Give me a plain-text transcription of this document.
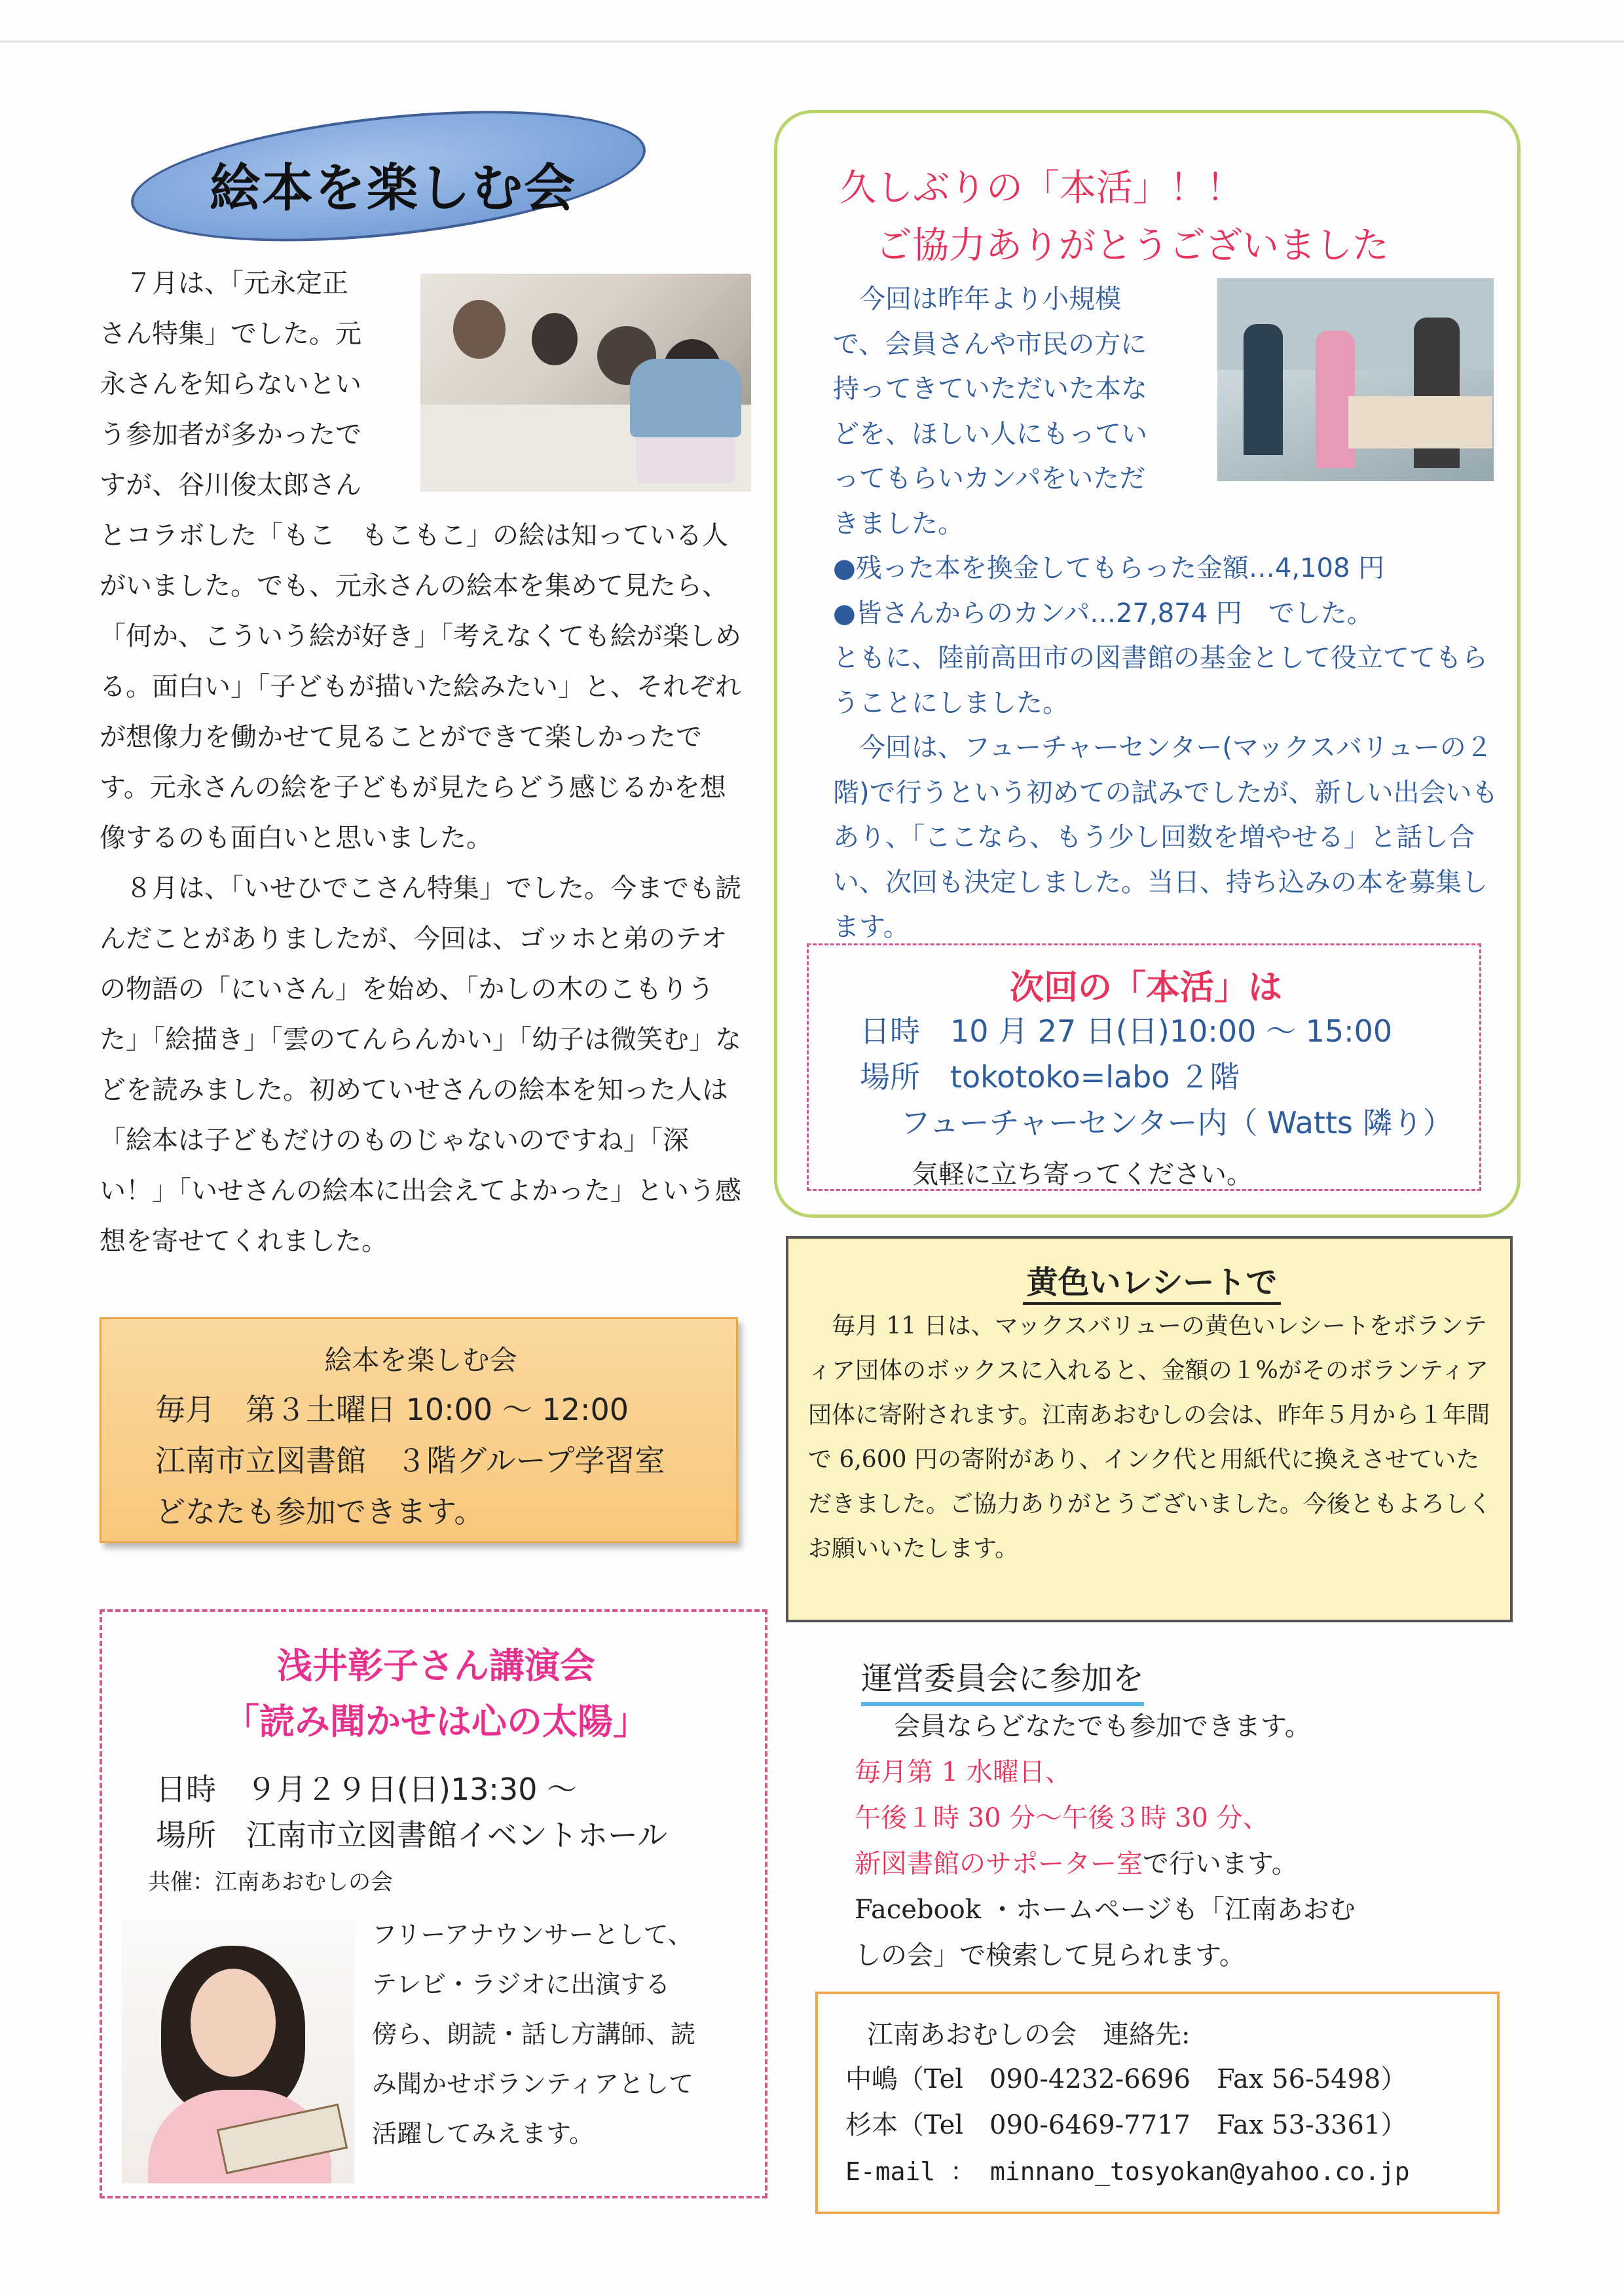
絵本を楽しむ会

７月は、「元永定正

さん特集」でした。元
永さんを知らないとい
う参加者が多かったで
すが、谷川俊太郎さん
とコラボした「もこ　もこもこ」の絵は知っている人がいました。でも、元永さんの絵本を集めて見たら、「何か、こういう絵が好き」「考えなくても絵が楽しめる。面白い」「子どもが描いた絵みたい」と、それぞれが想像力を働かせて見ることができて楽しかったです。元永さんの絵を子どもが見たらどう感じるかを想像するのも面白いと思いました。

８月は、「いせひでこさん特集」でした。今までも読んだことがありましたが、今回は、ゴッホと弟のテオの物語の「にいさん」を始め、「かしの木のこもりうた」「絵描き」「雲のてんらんかい」「幼子は微笑む」などを読みました。初めていせさんの絵本を知った人は「絵本は子どもだけのものじゃないのですね」「深い！」「いせさんの絵本に出会えてよかった」という感想を寄せてくれました。

絵本を楽しむ会
毎月　第３土曜日 10:00 〜 12:00
江南市立図書館　３階グループ学習室
どなたも参加できます。
浅井彰子さん講演会
「読み聞かせは心の太陽」
日時　９月２９日(日)13:30 〜
場所　江南市立図書館イベントホール
共催：江南あおむしの会
フリーアナウンサーとして、
テレビ・ラジオに出演する
傍ら、朗読・話し方講師、読
み聞かせボランティアとして
活躍してみえます。
久しぶりの「本活」！！
ご協力ありがとうございました

今回は昨年より小規模

で、会員さんや市民の方に
持ってきていただいた本な
どを、ほしい人にもってい
ってもらいカンパをいただ
きました。
●残った本を換金してもらった金額…4,108 円
●皆さんからのカンパ…27,874 円　でした。
ともに、陸前高田市の図書館の基金として役立ててもらうことにしました。

今回は、フューチャーセンター(マックスバリューの２階)で行うという初めての試みでしたが、新しい出会いもあり、「ここなら、もう少し回数を増やせる」と話し合い、次回も決定しました。当日、持ち込みの本を募集します。

次回の「本活」は
日時　10 月 27 日(日)10:00 〜 15:00
場所　tokotoko=labo ２階
フューチャーセンター内（ Watts 隣り）
気軽に立ち寄ってください。
黄色いレシートで

毎月 11 日は、マックスバリューの黄色いレシートをボランティア団体のボックスに入れると、金額の１%がそのボランティア団体に寄附されます。江南あおむしの会は、昨年５月から１年間で 6,600 円の寄附があり、インク代と用紙代に換えさせていただきました。ご協力ありがとうございました。今後ともよろしくお願いいたします。

運営委員会に参加を
会員ならどなたでも参加できます。
毎月第 1 水曜日、
午後１時 30 分〜午後３時 30 分、
新図書館のサポーター室で行います。
Facebook ・ホームページも「江南あおむ
しの会」で検索して見られます。
江南あおむしの会　連絡先:
中嶋（Tel　090-4232-6696　Fax 56-5498）
杉本（Tel　090-6469-7717　Fax 53-3361）
E-mail ： minnano_tosyokan@yahoo.co.jp
